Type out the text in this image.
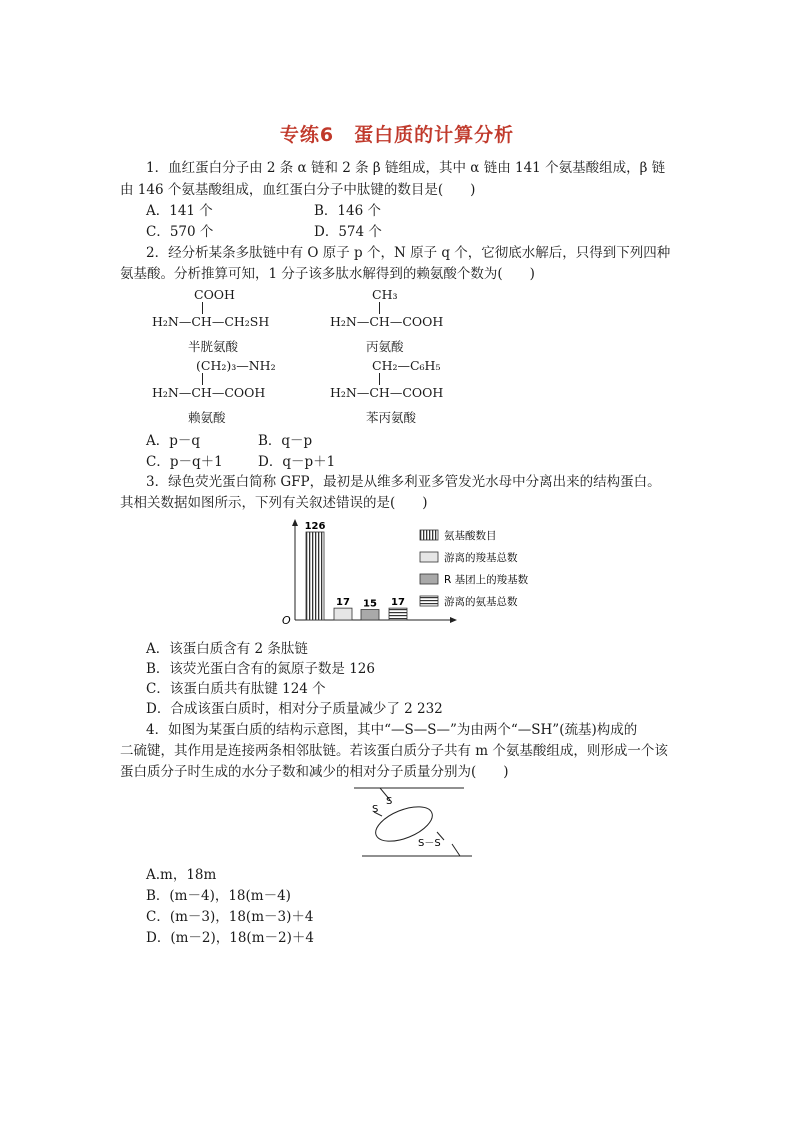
专练6　蛋白质的计算分析
1．血红蛋白分子由 2 条 α 链和 2 条 β 链组成，其中 α 链由 141 个氨基酸组成，β 链
由 146 个氨基酸组成，血红蛋白分子中肽键的数目是(　　)
A．141 个	B．146 个
C．570 个	D．574 个
2．经分析某条多肽链中有 O 原子 p 个，N 原子 q 个，它彻底水解后，只得到下列四种
氨基酸。分析推算可知，1 分子该多肽水解得到的赖氨酸个数为(　　)
COOH
H₂N—CH—CH₂SH
半胱氨酸
CH₃
H₂N—CH—COOH
丙氨酸
(CH₂)₃—NH₂
H₂N—CH—COOH
赖氨酸
CH₂—C₆H₅
H₂N—CH—COOH
苯丙氨酸
A．p－q	B．q－p
C．p－q＋1	D．q－p＋1
3．绿色荧光蛋白简称 GFP，最初是从维多利亚多管发光水母中分离出来的结构蛋白。
其相关数据如图所示，下列有关叙述错误的是(　　)
O
126
17 15 17
氨基酸数目
游离的羧基总数
R 基团上的羧基数
游离的氨基总数
A．该蛋白质含有 2 条肽链
B．该荧光蛋白含有的氮原子数是 126
C．该蛋白质共有肽键 124 个
D．合成该蛋白质时，相对分子质量减少了 2 232
4．如图为某蛋白质的结构示意图，其中“—S—S—”为由两个“—SH”(巯基)构成的
二硫键，其作用是连接两条相邻肽链。若该蛋白质分子共有 m 个氨基酸组成，则形成一个该
蛋白质分子时生成的水分子数和减少的相对分子质量分别为(　　)
S
S
S－S
A.m，18m
B．(m－4)，18(m－4)
C．(m－3)，18(m－3)＋4
D．(m－2)，18(m－2)＋4
